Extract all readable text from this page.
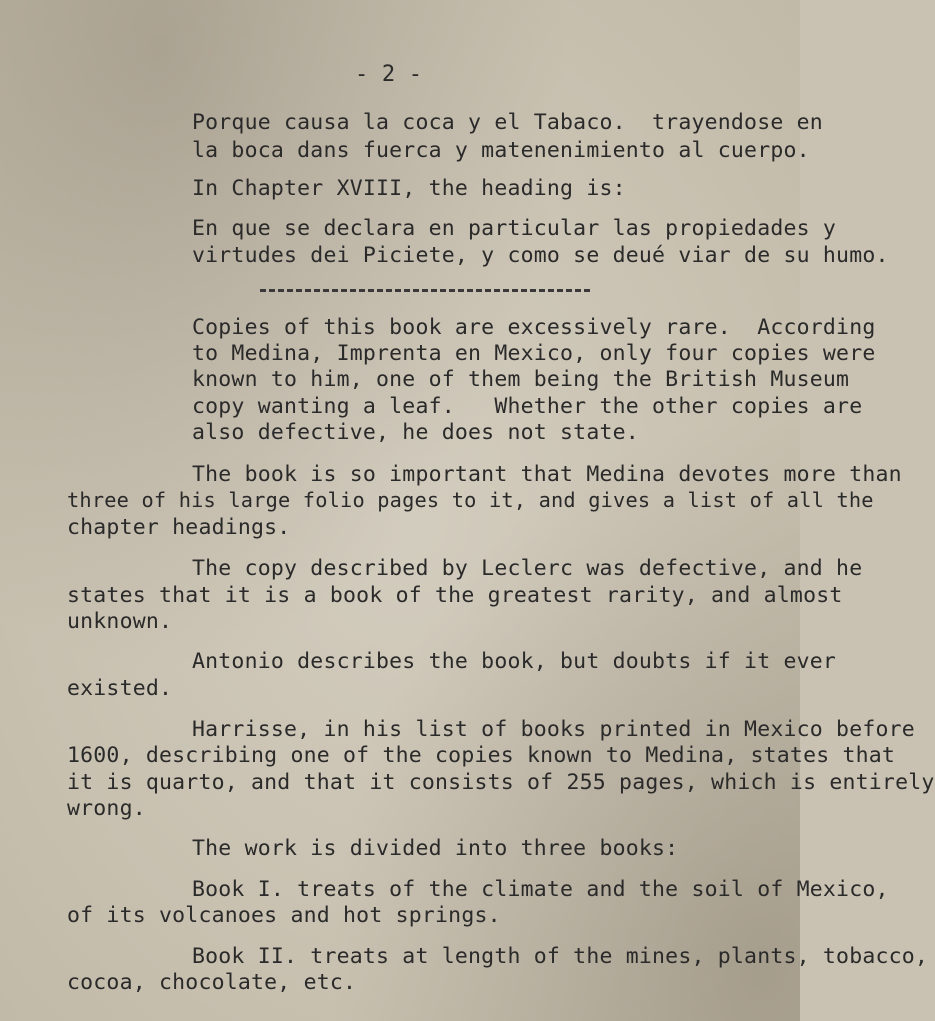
- 2 -
Porque causa la coca y el Tabaco.  trayendose en
la boca dans fuerca y matenenimiento al cuerpo.
In Chapter XVIII, the heading is:
En que se declara en particular las propiedades y
virtudes dei Piciete, y como se deué viar de su humo.
Copies of this book are excessively rare.  According
to Medina, Imprenta en Mexico, only four copies were
known to him, one of them being the British Museum
copy wanting a leaf.   Whether the other copies are
also defective, he does not state.
The book is so important that Medina devotes more than
three of his large folio pages to it, and gives a list of all the
chapter headings.
The copy described by Leclerc was defective, and he
states that it is a book of the greatest rarity, and almost
unknown.
Antonio describes the book, but doubts if it ever
existed.
Harrisse, in his list of books printed in Mexico before
1600, describing one of the copies known to Medina, states that
it is quarto, and that it consists of 255 pages, which is entirely
wrong.
The work is divided into three books:
Book I. treats of the climate and the soil of Mexico,
of its volcanoes and hot springs.
Book II. treats at length of the mines, plants, tobacco,
cocoa, chocolate, etc.
